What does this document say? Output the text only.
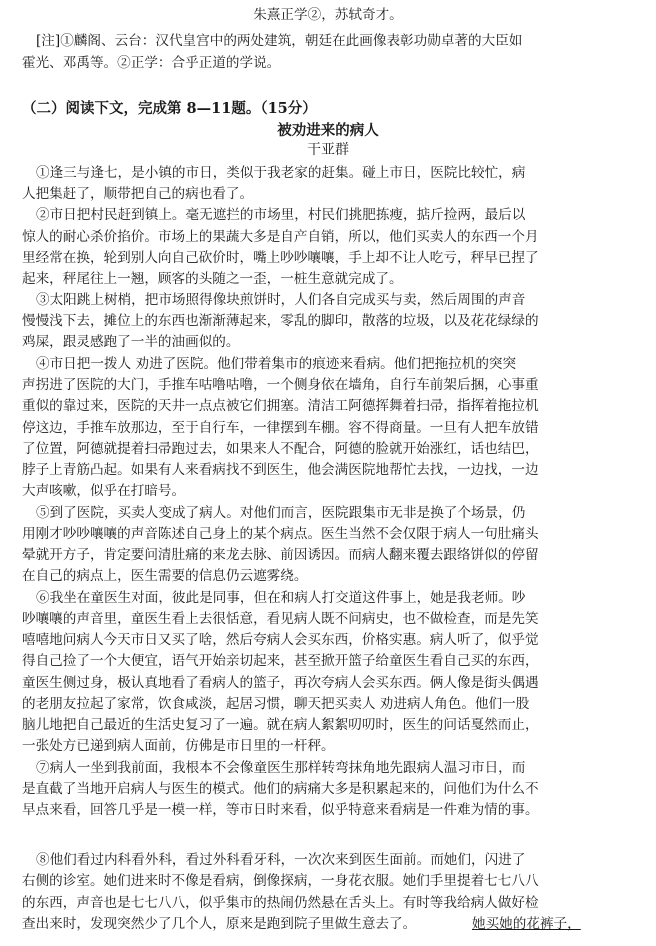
朱熹正学②，苏轼奇才。
[注]①麟阁、云台：汉代皇宫中的两处建筑，朝廷在此画像表彰功勋卓著的大臣如
霍光、邓禹等。②正学：合乎正道的学说。
（二）阅读下文，完成第 8—11题。（15分）
被劝进来的病人
干亚群
①逢三与逢七，是小镇的市日，类似于我老家的赶集。碰上市日，医院比较忙，病
人把集赶了，顺带把自己的病也看了。
②市日把村民赶到镇上。毫无遮拦的市场里，村民们挑肥拣瘦，掂斤捡两，最后以
惊人的耐心杀价掐价。市场上的果蔬大多是自产自销，所以，他们买卖人的东西一个月
里经常在换，轮到别人向自己砍价时，嘴上吵吵嚷嚷，手上却不让人吃亏，秤早已捏了
起来，秤尾往上一翘，顾客的头随之一歪，一桩生意就完成了。
③太阳跳上树梢，把市场照得像块煎饼时，人们各自完成买与卖，然后周围的声音
慢慢浅下去，摊位上的东西也渐渐薄起来，零乱的脚印，散落的垃圾，以及花花绿绿的
鸡屎，跟灵感跑了一半的油画似的。
④市日把一拨人 劝进了医院。他们带着集市的痕迹来看病。他们把拖拉机的突突
声拐进了医院的大门，手推车咕噜咕噜，一个侧身依在墙角，自行车前架后捆，心事重
重似的靠过来，医院的天井一点点被它们拥塞。清洁工阿德挥舞着扫帚，指挥着拖拉机
停这边，手推车放那边，至于自行车，一律摆到车棚。容不得商量。一旦有人把车放错
了位置，阿德就提着扫帚跑过去，如果来人不配合，阿德的脸就开始涨红，话也结巴，
脖子上青筋凸起。如果有人来看病找不到医生，他会满医院地帮忙去找，一边找，一边
大声咳嗽，似乎在打暗号。
⑤到了医院，买卖人变成了病人。对他们而言，医院跟集市无非是换了个场景，仍
用刚才吵吵嚷嚷的声音陈述自己身上的某个病点。医生当然不会仅限于病人一句肚痛头
晕就开方子，肯定要问清肚痛的来龙去脉、前因诱因。而病人翻来覆去跟络饼似的停留
在自己的病点上，医生需要的信息仍云遮雾绕。
⑥我坐在童医生对面，彼此是同事，但在和病人打交道这件事上，她是我老师。吵
吵嚷嚷的声音里，童医生看上去很恬意，看见病人既不问病史，也不做检查，而是先笑
嘻嘻地问病人今天市日又买了啥，然后夸病人会买东西，价格实惠。病人听了，似乎觉
得自己捡了一个大便宜，语气开始亲切起来，甚至掀开篮子给童医生看自己买的东西，
童医生侧过身，极认真地看了看病人的篮子，再次夸病人会买东西。俩人像是街头偶遇
的老朋友拉起了家常，饮食咸淡，起居习惯，聊天把买卖人 劝进病人角色。他们一股
脑儿地把自己最近的生活史复习了一遍。就在病人絮絮叨叨时，医生的问话戛然而止，
一张处方已递到病人面前，仿佛是市日里的一杆秤。
⑦病人一坐到我前面，我根本不会像童医生那样转弯抹角地先跟病人温习市日，而
是直截了当地开启病人与医生的模式。他们的病痛大多是积累起来的，问他们为什么不
早点来看，回答几乎是一模一样，等市日时来看，似乎特意来看病是一件难为情的事。
⑧他们看过内科看外科，看过外科看牙科，一次次来到医生面前。而她们，闪进了
右侧的诊室。她们进来时不像是看病，倒像探病，一身花衣服。她们手里提着七七八八
的东西，声音也是七七八八，似乎集市的热闹仍然悬在舌头上。有时等我给病人做好检
查出来时，发现突然少了几个人，原来是跑到院子里做生意去了。	她买她的花裤子，
